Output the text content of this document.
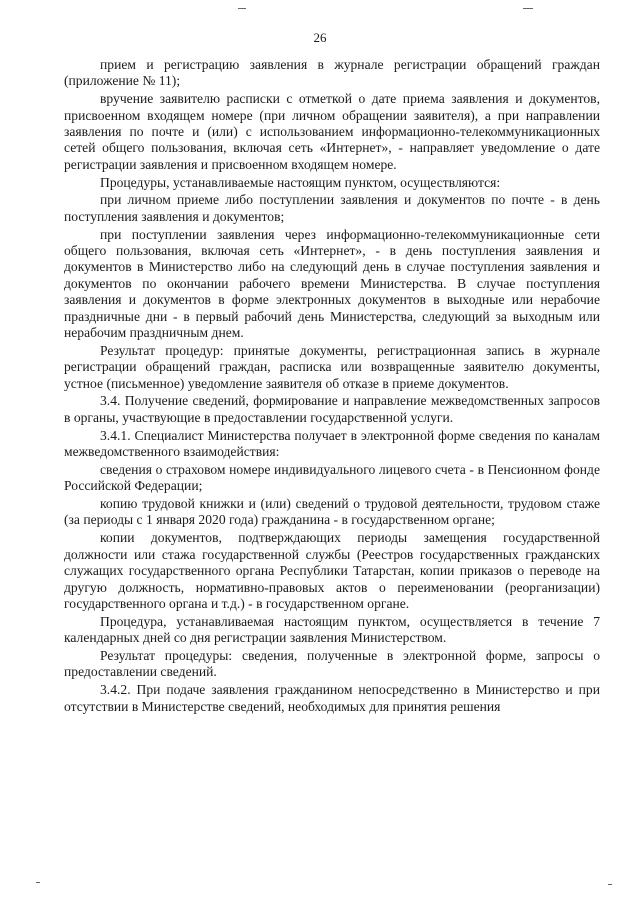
26

прием и регистрацию заявления в журнале регистрации обращений граждан (приложение № 11);

вручение заявителю расписки с отметкой о дате приема заявления и документов, присвоенном входящем номере (при личном обращении заявителя), а при направлении заявления по почте и (или) с использованием информационно-телекоммуникационных сетей общего пользования, включая сеть «Интернет», - направляет уведомление о дате регистрации заявления и присвоенном входящем номере.

Процедуры, устанавливаемые настоящим пунктом, осуществляются:

при личном приеме либо поступлении заявления и документов по почте - в день поступления заявления и документов;

при поступлении заявления через информационно-телекоммуникационные сети общего пользования, включая сеть «Интернет», - в день поступления заявления и документов в Министерство либо на следующий день в случае поступления заявления и документов по окончании рабочего времени Министерства. В случае поступления заявления и документов в форме электронных документов в выходные или нерабочие праздничные дни - в первый рабочий день Министерства, следующий за выходным или нерабочим праздничным днем.

Результат процедур: принятые документы, регистрационная запись в журнале регистрации обращений граждан, расписка или возвращенные заявителю документы, устное (письменное) уведомление заявителя об отказе в приеме документов.

3.4. Получение сведений, формирование и направление межведомственных запросов в органы, участвующие в предоставлении государственной услуги.

3.4.1. Специалист Министерства получает в электронной форме сведения по каналам межведомственного взаимодействия:

сведения о страховом номере индивидуального лицевого счета - в Пенсионном фонде Российской Федерации;

копию трудовой книжки и (или) сведений о трудовой деятельности, трудовом стаже (за периоды с 1 января 2020 года) гражданина - в государственном органе;

копии документов, подтверждающих периоды замещения государственной должности или стажа государственной службы (Реестров государственных гражданских служащих государственного органа Республики Татарстан, копии приказов о переводе на другую должность, нормативно-правовых актов о переименовании (реорганизации) государственного органа и т.д.) - в государственном органе.

Процедура, устанавливаемая настоящим пунктом, осуществляется в течение 7 календарных дней со дня регистрации заявления Министерством.

Результат процедуры: сведения, полученные в электронной форме, запросы о предоставлении сведений.

3.4.2. При подаче заявления гражданином непосредственно в Министерство и при отсутствии в Министерстве сведений, необходимых для принятия решения
